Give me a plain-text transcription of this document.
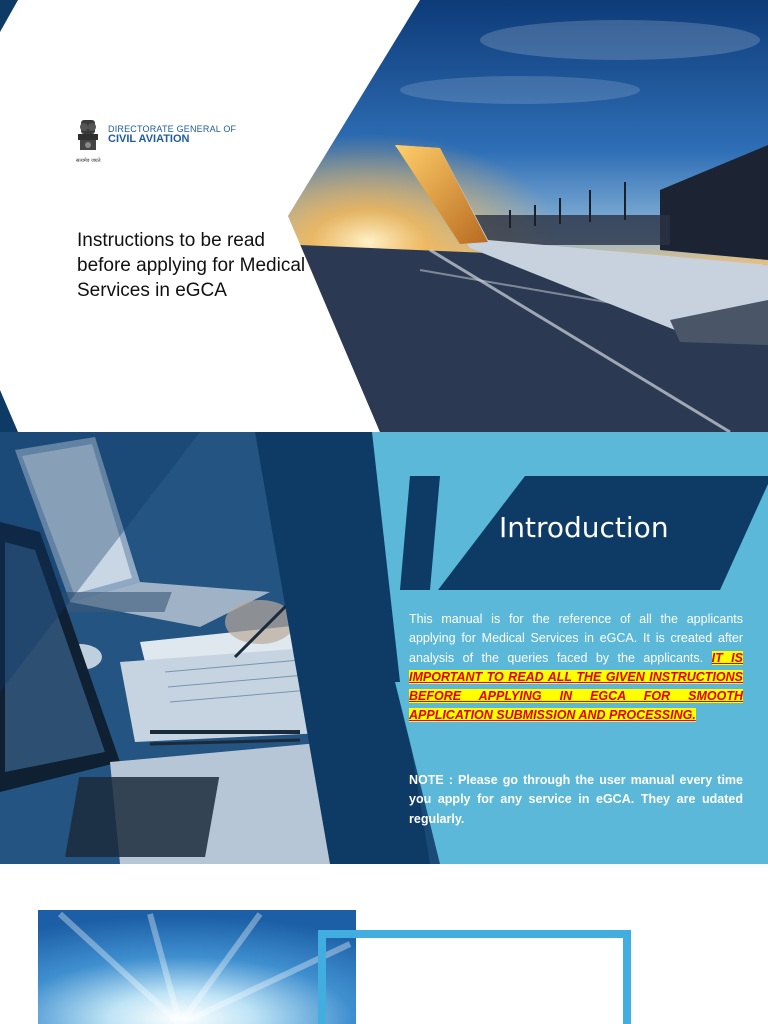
सत्यमेव जयते
DIRECTORATE GENERAL OF
CIVIL AVIATION
Instructions to be read before applying for Medical Services in eGCA
Introduction
This manual is for the reference of all the applicants applying for Medical Services in eGCA. It is created after analysis of the queries faced by the applicants. IT IS IMPORTANT TO READ ALL THE GIVEN INSTRUCTIONS BEFORE APPLYING IN EGCA FOR SMOOTH APPLICATION SUBMISSION AND PROCESSING.
NOTE : Please go through the user manual every time you apply for any service in eGCA. They are udated regularly.
